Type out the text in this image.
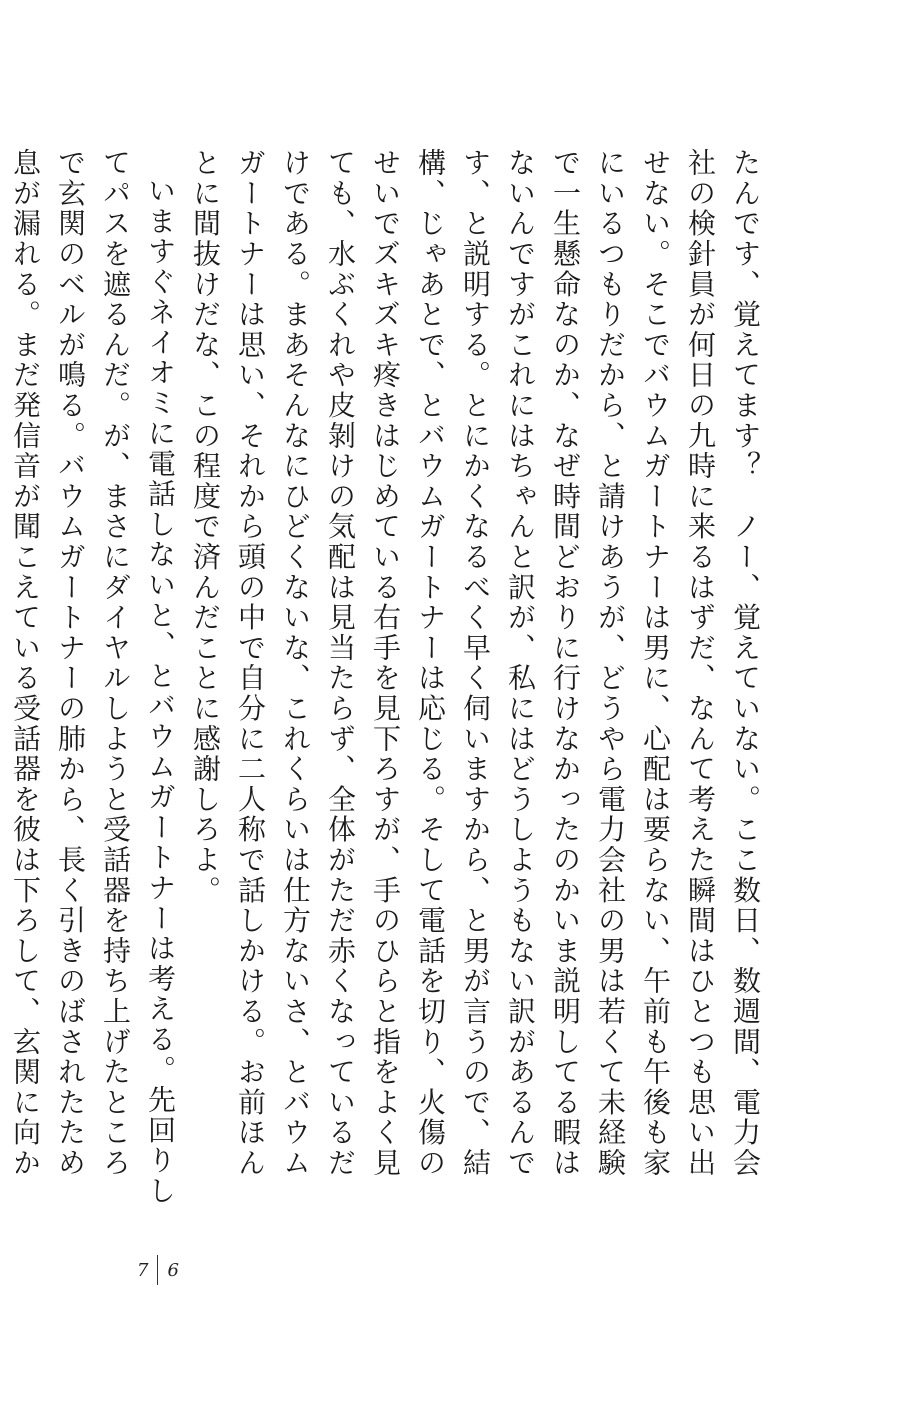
たんです、覚えてます？　ノー、覚えていない。ここ数日、数週間、電力会社の検針員が何日の九時に来るはずだ、なんて考えた瞬間はひとつも思い出せない。そこでバウムガートナーは男に、心配は要らない、午前も午後も家にいるつもりだから、と請けあうが、どうやら電力会社の男は若くて未経験で一生懸命なのか、なぜ時間どおりに行けなかったのかいま説明してる暇はないんですがこれにはちゃんと訳が、私にはどうしようもない訳があるんです、と説明する。とにかくなるべく早く伺いますから、と男が言うので、結構、じゃあとで、とバウムガートナーは応じる。そして電話を切り、火傷のせいでズキズキ疼きはじめている右手を見下ろすが、手のひらと指をよく見ても、水ぶくれや皮剝けの気配は見当たらず、全体がただ赤くなっているだけである。まあそんなにひどくないな、これくらいは仕方ないさ、とバウムガートナーは思い、それから頭の中で自分に二人称で話しかける。お前ほんとに間抜けだな、この程度で済んだことに感謝しろよ。

いますぐネイオミに電話しないと、とバウムガートナーは考える。先回りしてパスを遮るんだ。が、まさにダイヤルしようと受話器を持ち上げたところで玄関のベルが鳴る。バウムガートナーの肺から、長く引きのばされたため息が漏れる。まだ発信音が聞こえている受話器を彼は下ろして、玄関に向か

7	6
